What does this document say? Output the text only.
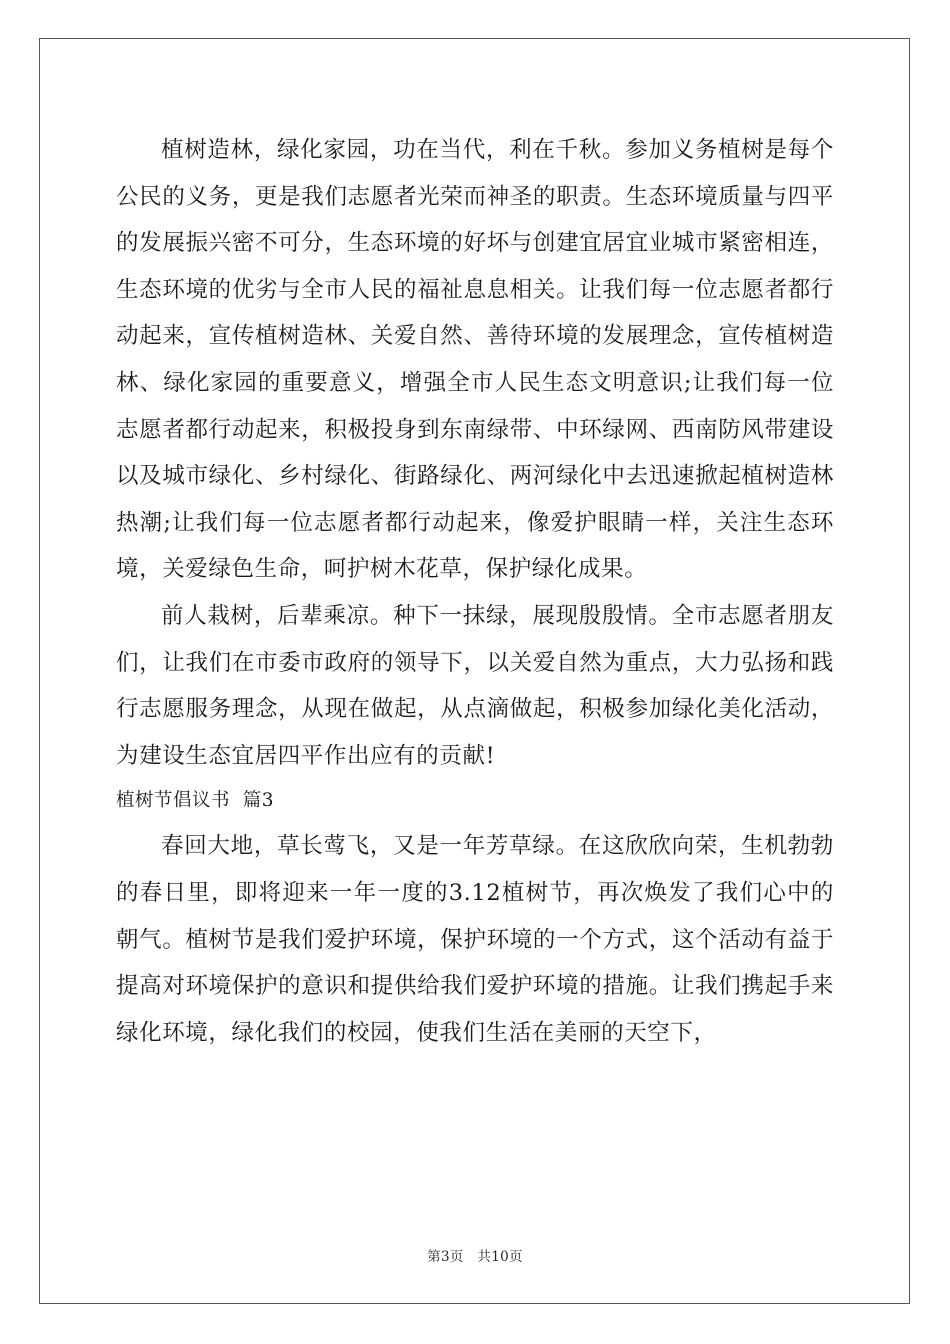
植树造林，绿化家园，功在当代，利在千秋。参加义务植树是每个公民的义务，更是我们志愿者光荣而神圣的职责。生态环境质量与四平的发展振兴密不可分，生态环境的好坏与创建宜居宜业城市紧密相连，生态环境的优劣与全市人民的福祉息息相关。让我们每一位志愿者都行动起来，宣传植树造林、关爱自然、善待环境的发展理念，宣传植树造林、绿化家园的重要意义，增强全市人民生态文明意识;让我们每一位志愿者都行动起来，积极投身到东南绿带、中环绿网、西南防风带建设以及城市绿化、乡村绿化、街路绿化、两河绿化中去迅速掀起植树造林热潮;让我们每一位志愿者都行动起来，像爱护眼睛一样，关注生态环境，关爱绿色生命，呵护树木花草，保护绿化成果。

前人栽树，后辈乘凉。种下一抹绿，展现殷殷情。全市志愿者朋友们，让我们在市委市政府的领导下，以关爱自然为重点，大力弘扬和践行志愿服务理念，从现在做起，从点滴做起，积极参加绿化美化活动，为建设生态宜居四平作出应有的贡献!

植树节倡议书  篇3

春回大地，草长莺飞，又是一年芳草绿。在这欣欣向荣，生机勃勃的春日里，即将迎来一年一度的3.12植树节，再次焕发了我们心中的朝气。植树节是我们爱护环境，保护环境的一个方式，这个活动有益于提高对环境保护的意识和提供给我们爱护环境的措施。让我们携起手来绿化环境，绿化我们的校园，使我们生活在美丽的天空下，

第3页   共10页
